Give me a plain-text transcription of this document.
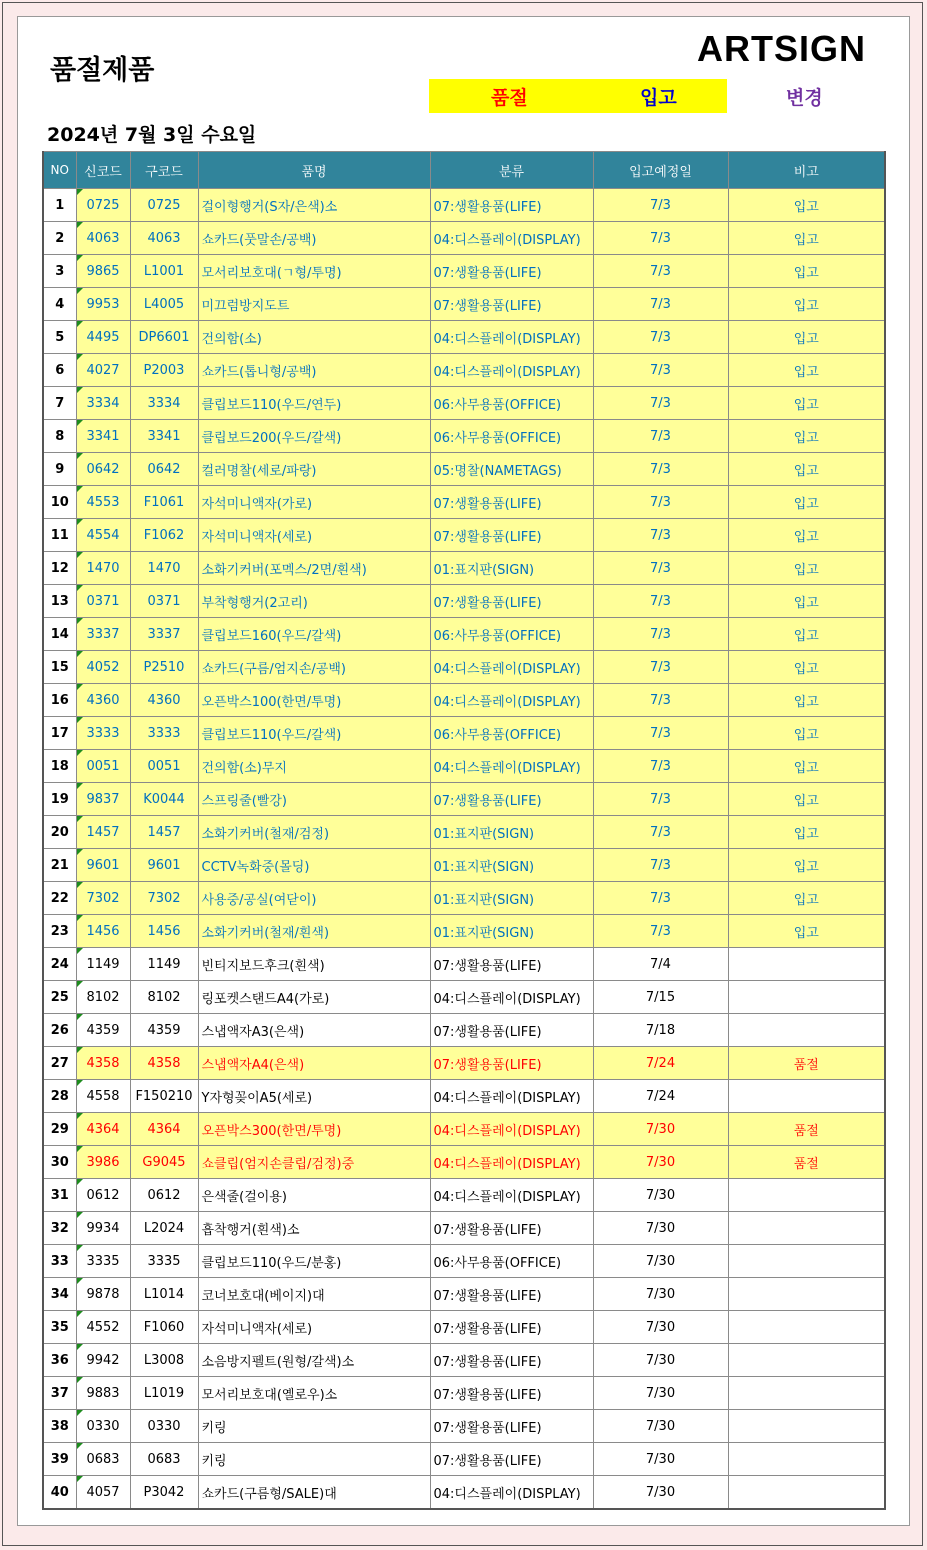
품절제품
ARTSIGN
품절	입고	변경
2024년 7월 3일 수요일
NO	신코드	구코드	품명	분류	입고예정일	비고
1	0725	0725	걸이형행거(S자/은색)소	07:생활용품(LIFE)	7/3	입고
2	4063	4063	쇼카드(풋말손/공백)	04:디스플레이(DISPLAY)	7/3	입고
3	9865	L1001	모서리보호대(ㄱ형/투명)	07:생활용품(LIFE)	7/3	입고
4	9953	L4005	미끄럼방지도트	07:생활용품(LIFE)	7/3	입고
5	4495	DP6601	건의함(소)	04:디스플레이(DISPLAY)	7/3	입고
6	4027	P2003	쇼카드(톱니형/공백)	04:디스플레이(DISPLAY)	7/3	입고
7	3334	3334	클립보드110(우드/연두)	06:사무용품(OFFICE)	7/3	입고
8	3341	3341	클립보드200(우드/갈색)	06:사무용품(OFFICE)	7/3	입고
9	0642	0642	컬러명찰(세로/파랑)	05:명찰(NAMETAGS)	7/3	입고
10	4553	F1061	자석미니액자(가로)	07:생활용품(LIFE)	7/3	입고
11	4554	F1062	자석미니액자(세로)	07:생활용품(LIFE)	7/3	입고
12	1470	1470	소화기커버(포멕스/2면/흰색)	01:표지판(SIGN)	7/3	입고
13	0371	0371	부착형행거(2고리)	07:생활용품(LIFE)	7/3	입고
14	3337	3337	클립보드160(우드/갈색)	06:사무용품(OFFICE)	7/3	입고
15	4052	P2510	쇼카드(구름/엄지손/공백)	04:디스플레이(DISPLAY)	7/3	입고
16	4360	4360	오픈박스100(한면/투명)	04:디스플레이(DISPLAY)	7/3	입고
17	3333	3333	클립보드110(우드/갈색)	06:사무용품(OFFICE)	7/3	입고
18	0051	0051	건의함(소)무지	04:디스플레이(DISPLAY)	7/3	입고
19	9837	K0044	스프링줄(빨강)	07:생활용품(LIFE)	7/3	입고
20	1457	1457	소화기커버(철재/검정)	01:표지판(SIGN)	7/3	입고
21	9601	9601	CCTV녹화중(몰딩)	01:표지판(SIGN)	7/3	입고
22	7302	7302	사용중/공실(여닫이)	01:표지판(SIGN)	7/3	입고
23	1456	1456	소화기커버(철재/흰색)	01:표지판(SIGN)	7/3	입고
24	1149	1149	빈티지보드후크(흰색)	07:생활용품(LIFE)	7/4	
25	8102	8102	링포켓스탠드A4(가로)	04:디스플레이(DISPLAY)	7/15	
26	4359	4359	스냅액자A3(은색)	07:생활용품(LIFE)	7/18	
27	4358	4358	스냅액자A4(은색)	07:생활용품(LIFE)	7/24	품절
28	4558	F150210	Y자형꽂이A5(세로)	04:디스플레이(DISPLAY)	7/24	
29	4364	4364	오픈박스300(한면/투명)	04:디스플레이(DISPLAY)	7/30	품절
30	3986	G9045	쇼클립(엄지손클립/검정)중	04:디스플레이(DISPLAY)	7/30	품절
31	0612	0612	은색줄(걸이용)	04:디스플레이(DISPLAY)	7/30	
32	9934	L2024	흡착행거(흰색)소	07:생활용품(LIFE)	7/30	
33	3335	3335	클립보드110(우드/분홍)	06:사무용품(OFFICE)	7/30	
34	9878	L1014	코너보호대(베이지)대	07:생활용품(LIFE)	7/30	
35	4552	F1060	자석미니액자(세로)	07:생활용품(LIFE)	7/30	
36	9942	L3008	소음방지펠트(원형/갈색)소	07:생활용품(LIFE)	7/30	
37	9883	L1019	모서리보호대(옐로우)소	07:생활용품(LIFE)	7/30	
38	0330	0330	키링	07:생활용품(LIFE)	7/30	
39	0683	0683	키링	07:생활용품(LIFE)	7/30	
40	4057	P3042	쇼카드(구름형/SALE)대	04:디스플레이(DISPLAY)	7/30	
